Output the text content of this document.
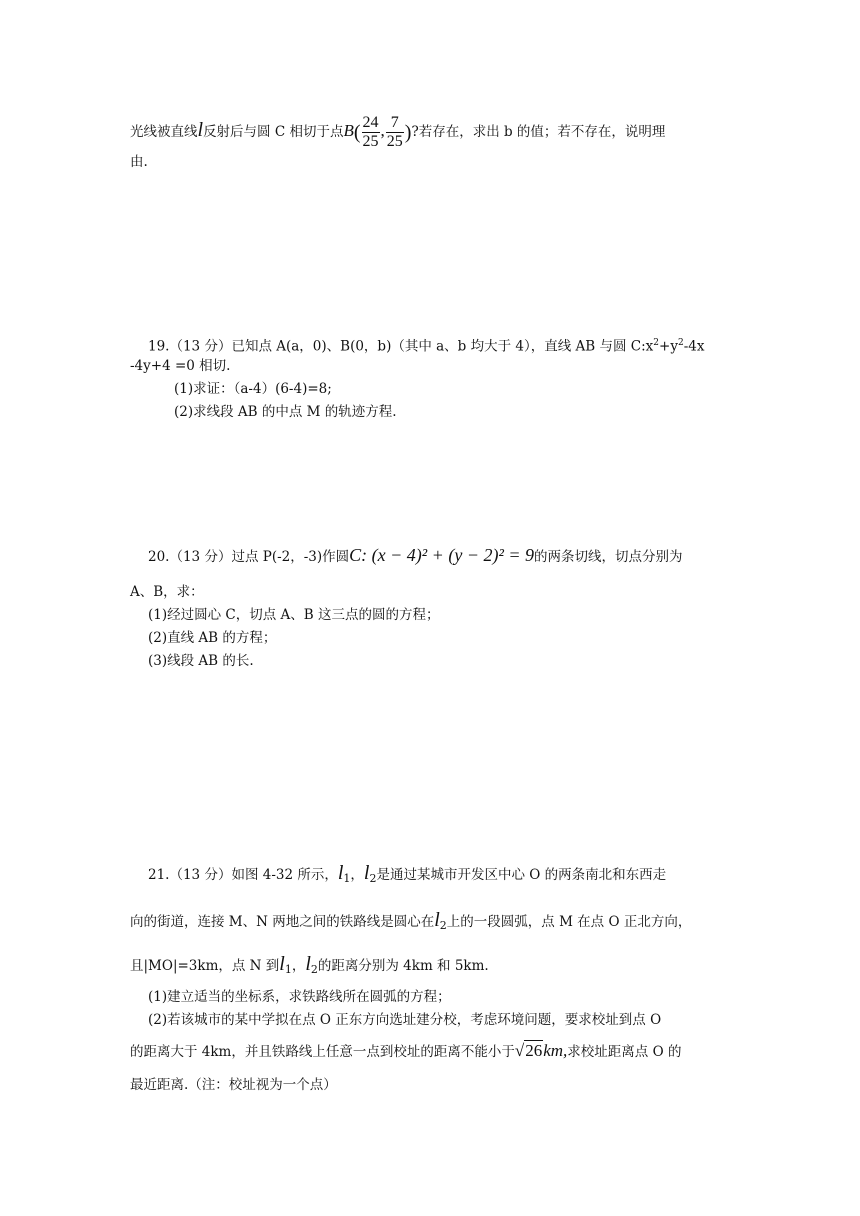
光线被直线l反射后与圆 C 相切于点$B( \frac{24}{25}$ , $\frac{7}{25}$ )?若存在，求出 b 的值；若不存在，说明理
由.
19.（13 分）已知点 A(a，0)、B(0，b)（其中 a、b 均大于 4），直线 AB 与圆 $C:x^2+y^2-4x$
-4y+4 =0 相切.
(1)求证：（a-4）(6-4)=8;
(2)求线段 AB 的中点 M 的轨迹方程.
20.（13 分）过点 P(-2，-3)作圆C: (x − 4)² + (y − 2)² = 9的两条切线，切点分别为
A、B，求：
(1)经过圆心 C，切点 A、B 这三点的圆的方程；
(2)直线 AB 的方程；
(3)线段 AB 的长.
21.（13 分）如图 4-32 所示，$l_1$，$l_2$是通过某城市开发区中心 O 的两条南北和东西走
向的街道，连接 M、N 两地之间的铁路线是圆心在$l_2$上的一段圆弧，点 M 在点 O 正北方向，
且|MO|=3km，点 N 到$l_1$，$l_2$的距离分别为 4km 和 5km.
(1)建立适当的坐标系，求铁路线所在圆弧的方程；
(2)若该城市的某中学拟在点 O 正东方向选址建分校，考虑环境问题，要求校址到点 O
的距离大于 4km，并且铁路线上任意一点到校址的距离不能小于√26km,求校址距离点 O 的
最近距离.（注：校址视为一个点）
